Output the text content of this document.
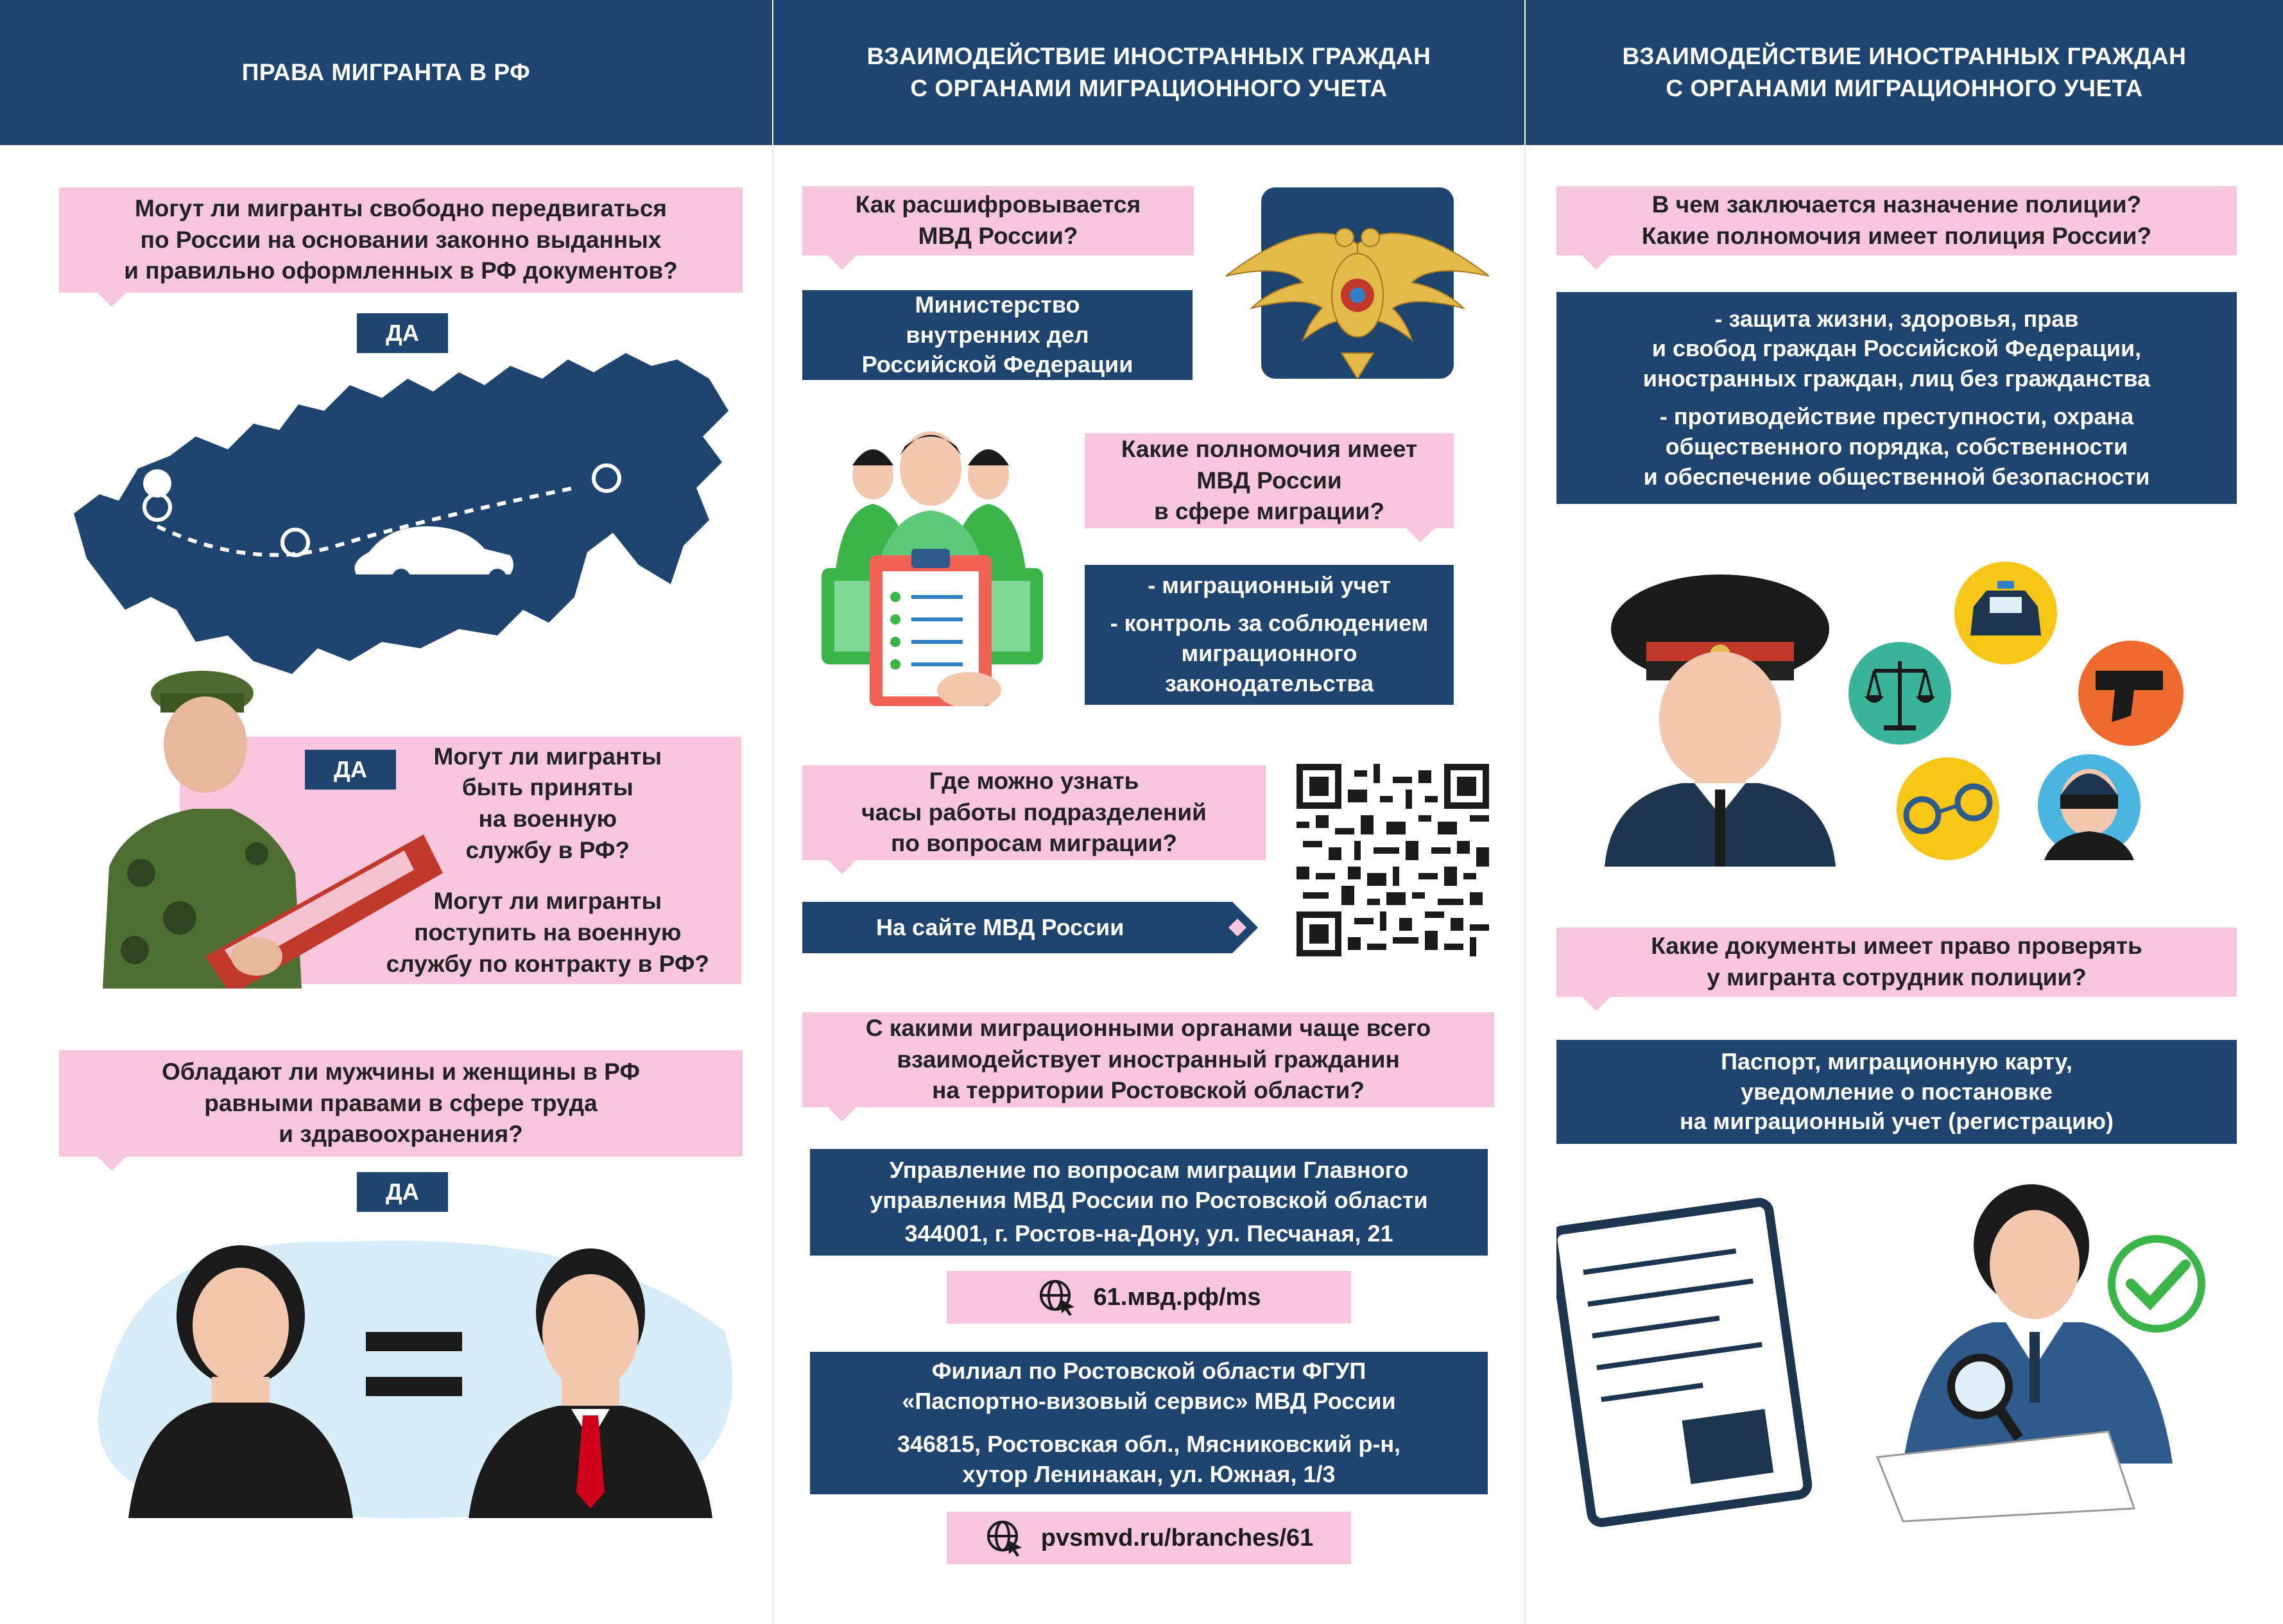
ПРАВА МИГРАНТА В РФ
ВЗАИМОДЕЙСТВИЕ ИНОСТРАННЫХ ГРАЖДАН
С ОРГАНАМИ МИГРАЦИОННОГО УЧЕТА
ВЗАИМОДЕЙСТВИЕ ИНОСТРАННЫХ ГРАЖДАН
С ОРГАНАМИ МИГРАЦИОННОГО УЧЕТА
Могут ли мигранты свободно передвигаться
по России на основании законно выданных
и правильно оформленных в РФ документов?
ДА
Могут ли мигранты
быть приняты
на военную
службу в РФ?
Могут ли мигранты
поступить на военную
службу по контракту в РФ?
ДА
Обладают ли мужчины и женщины в РФ
равными правами в сфере труда
и здравоохранения?
ДА
Как расшифровывается
МВД России?
Министерство
внутренних дел
Российской Федерации
Какие полномочия имеет
МВД России
в сфере миграции?

- миграционный учет

- контроль за соблюдением
миграционного
законодательства

Где можно узнать
часы работы подразделений
по вопросам миграции?
На сайте МВД России
С какими миграционными органами чаще всего
взаимодействует иностранный гражданин
на территории Ростовской области?
Управление по вопросам миграции Главного
управления МВД России по Ростовской области
344001, г. Ростов-на-Дону, ул. Песчаная, 21
61.мвд.рф/ms
Филиал по Ростовской области ФГУП
«Паспортно-визовый сервис» МВД России
346815, Ростовская обл., Мясниковский р-н,
хутор Ленинакан, ул. Южная, 1/3
pvsmvd.ru/branches/61
В чем заключается назначение полиции?
Какие полномочия имеет полиция России?

- защита жизни, здоровья, прав
и свобод граждан Российской Федерации,
иностранных граждан, лиц без гражданства

- противодействие преступности, охрана
общественного порядка, собственности
и обеспечение общественной безопасности

Какие документы имеет право проверять
у мигранта сотрудник полиции?
Паспорт, миграционную карту,
уведомление о постановке
на миграционный учет (регистрацию)
